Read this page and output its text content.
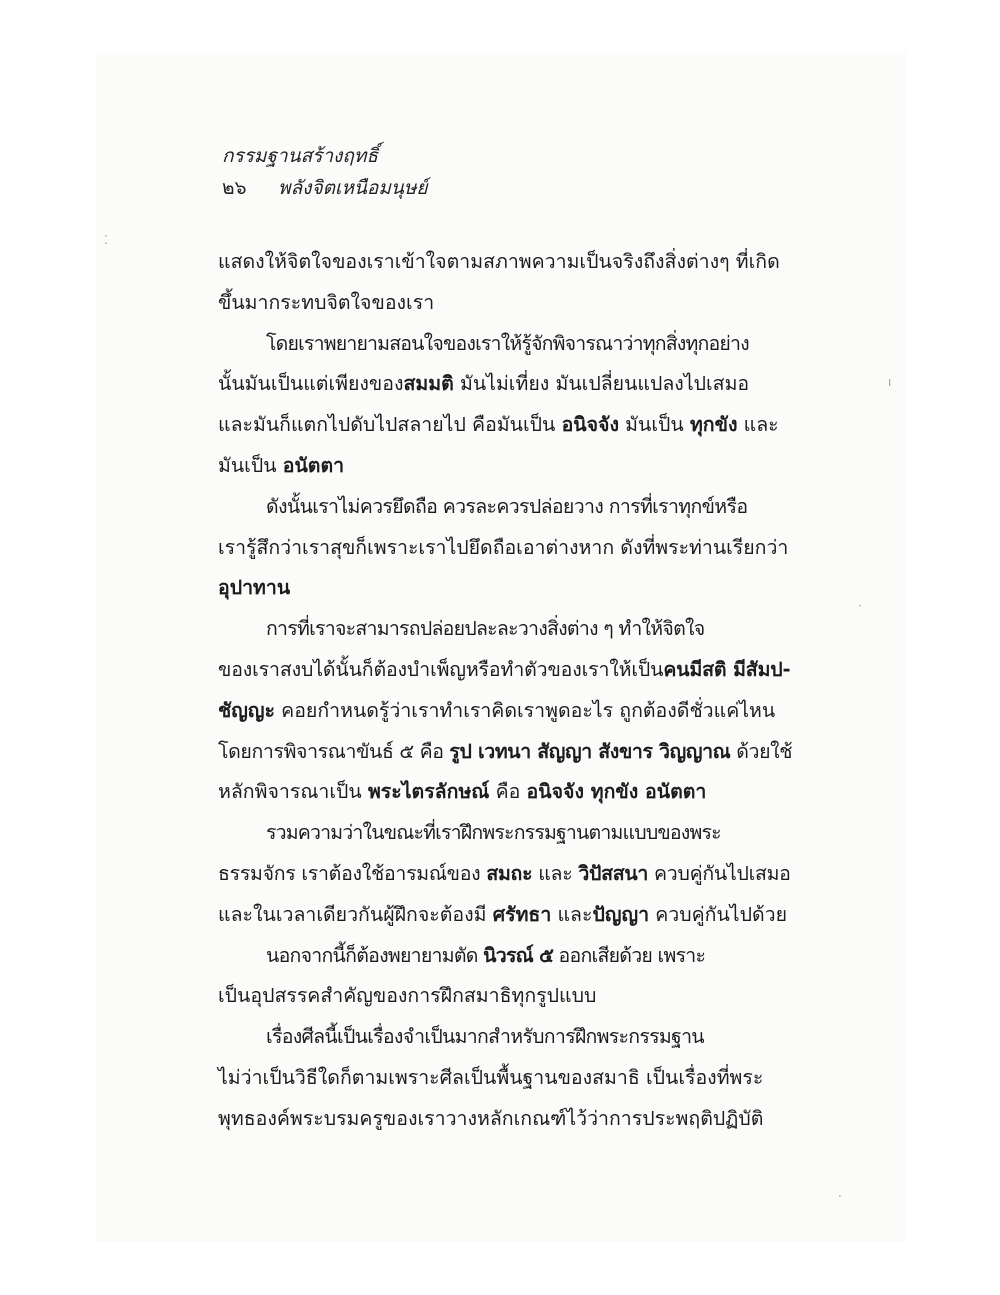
กรรมฐานสร้างฤทธิ์
๒๖ พลังจิตเหนือมนุษย์
แสดงให้จิตใจของเราเข้าใจตามสภาพความเป็นจริงถึงสิ่งต่างๆ ที่เกิด
ขึ้นมากระทบจิตใจของเรา
โดยเราพยายามสอนใจของเราให้รู้จักพิจารณาว่าทุกสิ่งทุกอย่าง
นั้นมันเป็นแต่เพียงของสมมติ มันไม่เที่ยง มันเปลี่ยนแปลงไปเสมอ
และมันก็แตกไปดับไปสลายไป คือมันเป็น อนิจจัง มันเป็น ทุกขัง และ
มันเป็น อนัตตา
ดังนั้นเราไม่ควรยึดถือ ควรละควรปล่อยวาง การที่เราทุกข์หรือ
เรารู้สึกว่าเราสุขก็เพราะเราไปยึดถือเอาต่างหาก ดังที่พระท่านเรียกว่า
อุปาทาน
การที่เราจะสามารถปล่อยปละละวางสิ่งต่าง ๆ ทำให้จิตใจ
ของเราสงบได้นั้นก็ต้องบำเพ็ญหรือทำตัวของเราให้เป็นคนมีสติ มีสัมป-
ชัญญะ คอยกำหนดรู้ว่าเราทำเราคิดเราพูดอะไร ถูกต้องดีชั่วแค่ไหน
โดยการพิจารณาขันธ์ ๕ คือ รูป เวทนา สัญญา สังขาร วิญญาณ ด้วยใช้
หลักพิจารณาเป็น พระไตรลักษณ์ คือ อนิจจัง ทุกขัง อนัตตา
รวมความว่าในขณะที่เราฝึกพระกรรมฐานตามแบบของพระ
ธรรมจักร เราต้องใช้อารมณ์ของ สมถะ และ วิปัสสนา ควบคู่กันไปเสมอ
และในเวลาเดียวกันผู้ฝึกจะต้องมี ศรัทธา และปัญญา ควบคู่กันไปด้วย
นอกจากนี้ก็ต้องพยายามตัด นิวรณ์ ๕ ออกเสียด้วย เพราะ
เป็นอุปสรรคสำคัญของการฝึกสมาธิทุกรูปแบบ
เรื่องศีลนี้เป็นเรื่องจำเป็นมากสำหรับการฝึกพระกรรมฐาน
ไม่ว่าเป็นวิธีใดก็ตามเพราะศีลเป็นพื้นฐานของสมาธิ เป็นเรื่องที่พระ
พุทธองค์พระบรมครูของเราวางหลักเกณฑ์ไว้ว่าการประพฤติปฏิบัติ
⁚
·
ı
·
